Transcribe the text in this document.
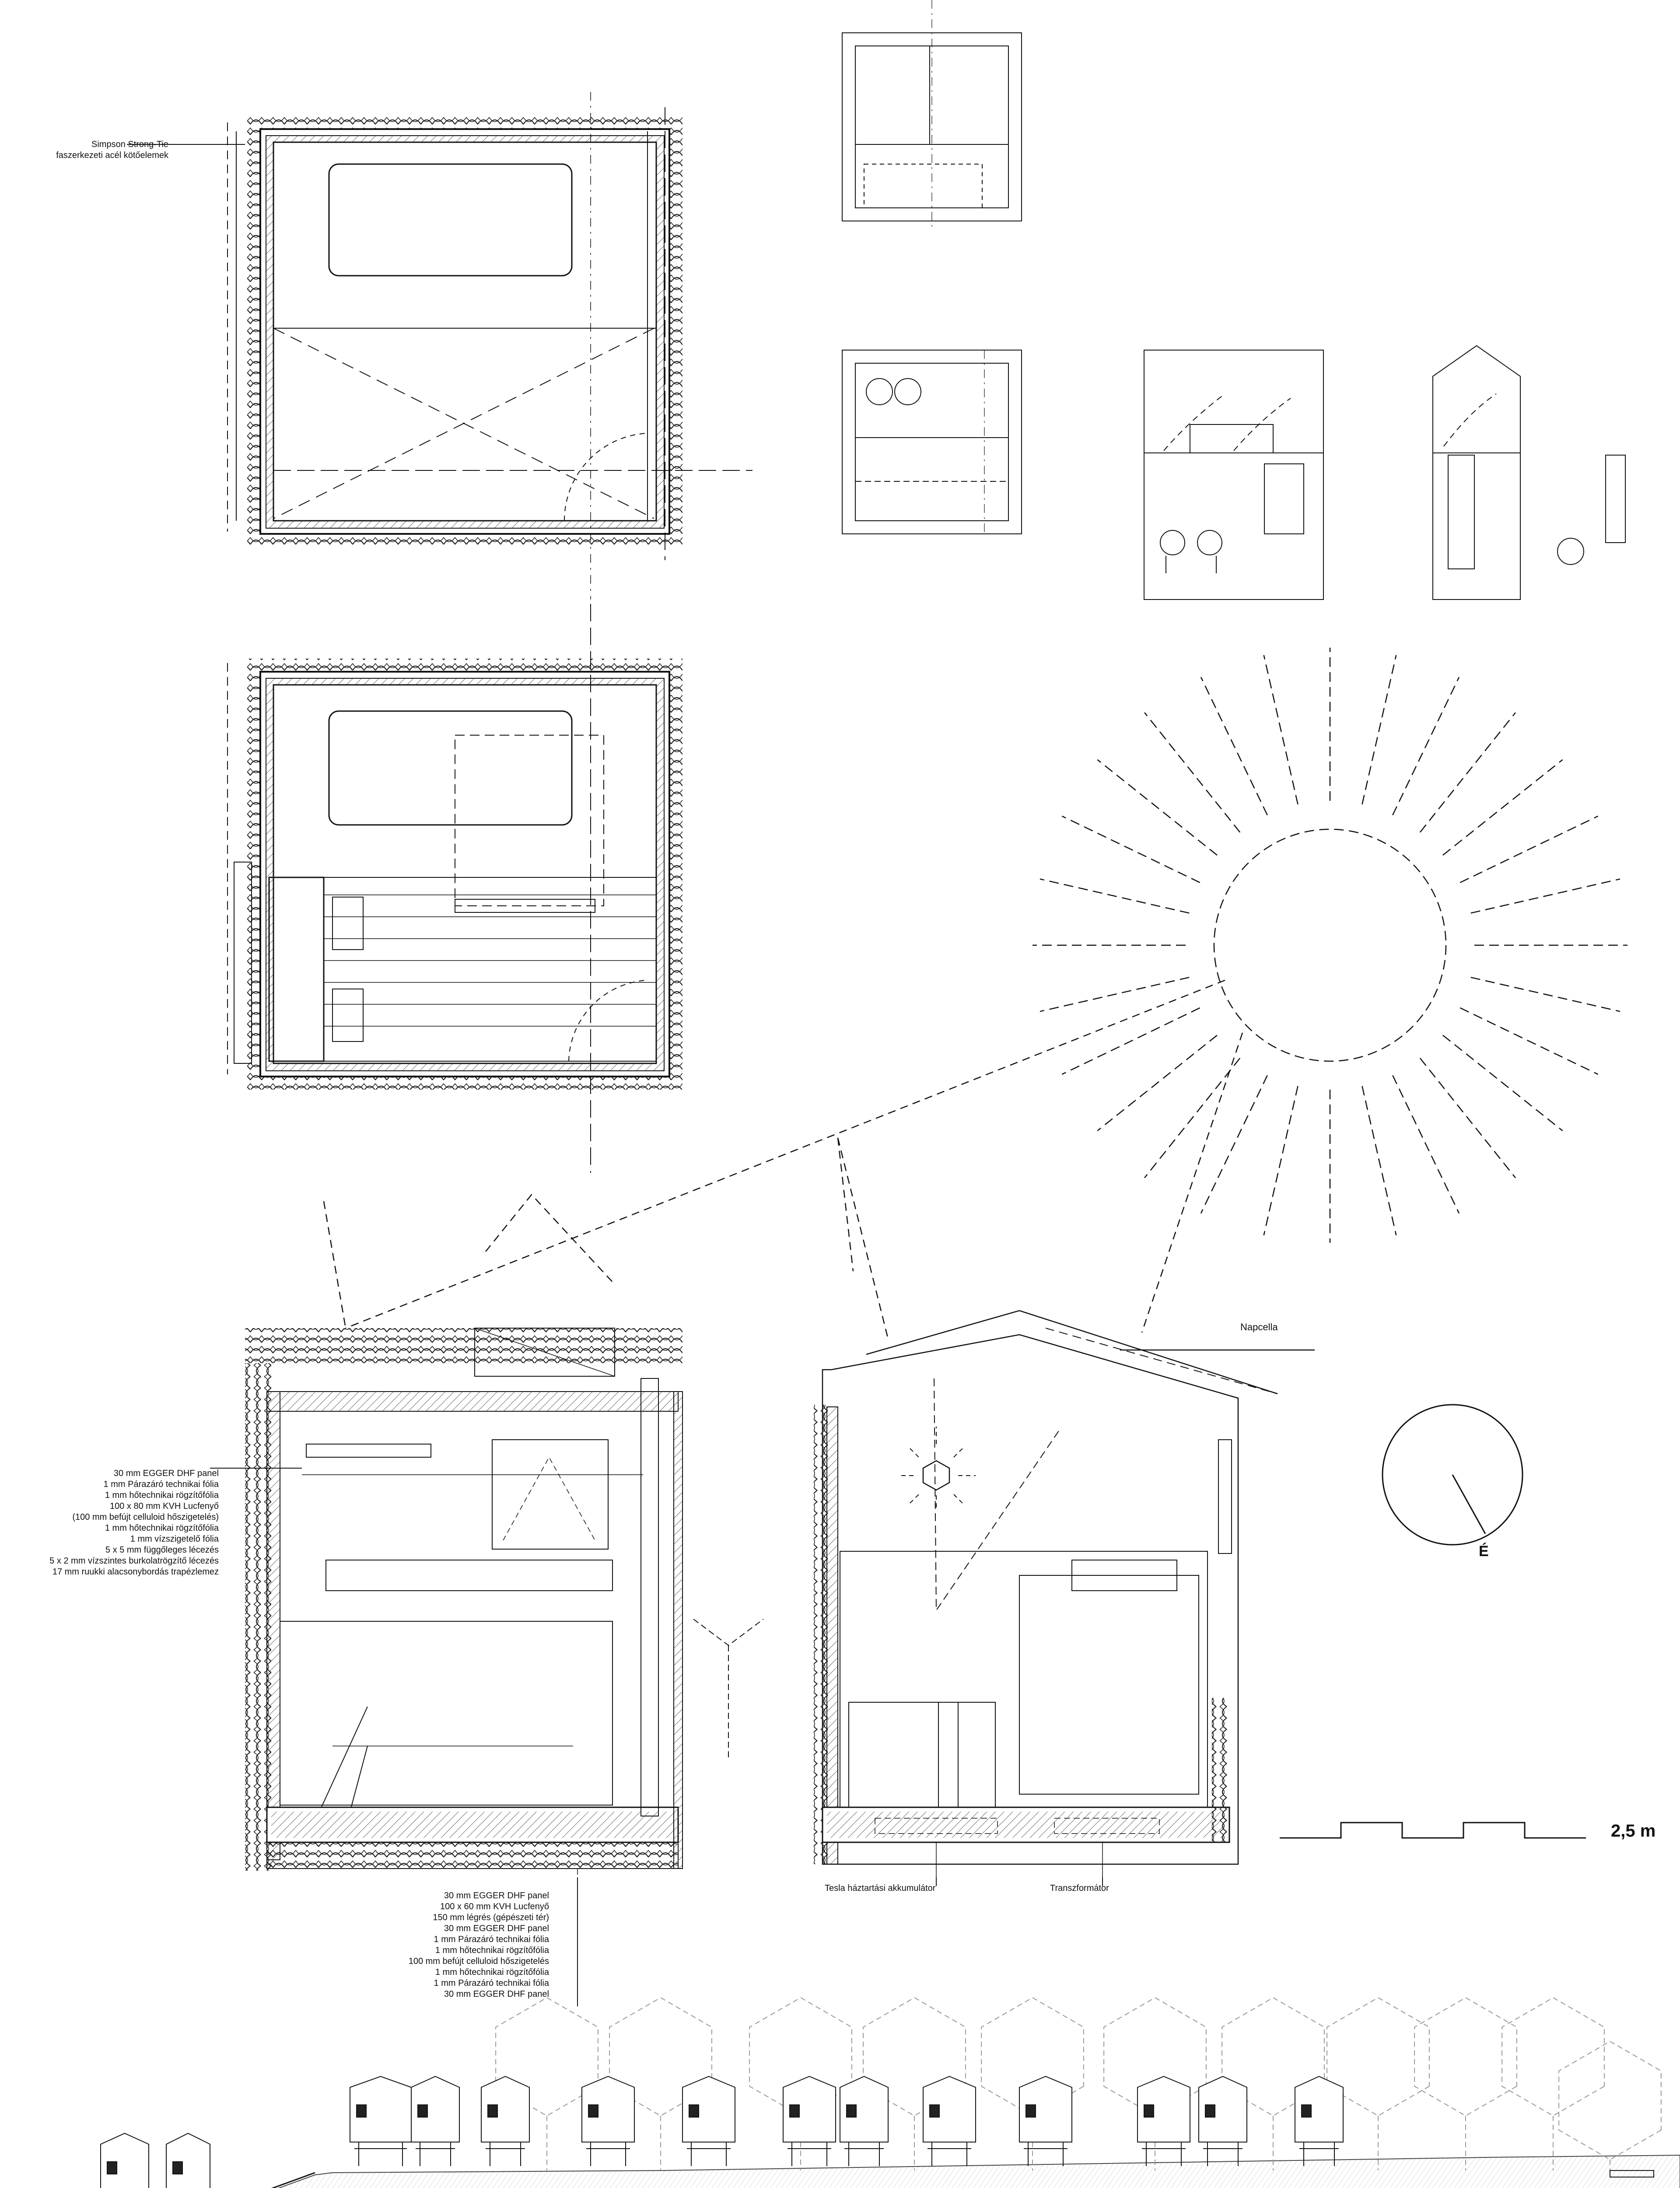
Simpson Strong-Tie
faszerkezeti acél kötőelemek
30 mm EGGER DHF panel
1 mm Párazáró technikai fólia
1 mm hőtechnikai rögzítőfólia
100 x 80 mm KVH Lucfenyő
(100 mm befújt celluloid hőszigetelés)
1 mm hőtechnikai rögzítőfólia
1 mm vízszigetelő fólia
5 x 5 mm függőleges lécezés
5 x 2 mm vízszintes burkolatrögzítő lécezés
17 mm ruukki alacsonybordás trapézlemez
30 mm EGGER DHF panel
100 x 60 mm KVH Lucfenyő
150 mm légrés (gépészeti tér)
30 mm EGGER DHF panel
1 mm Párazáró technikai fólia
1 mm hőtechnikai rögzítőfólia
100 mm befújt celluloid hőszigetelés
1 mm hőtechnikai rögzítőfólia
1 mm Párazáró technikai fólia
30 mm EGGER DHF panel
Napcella
É
2,5 m
Tesla háztartási akkumulátor	Transzformátor
